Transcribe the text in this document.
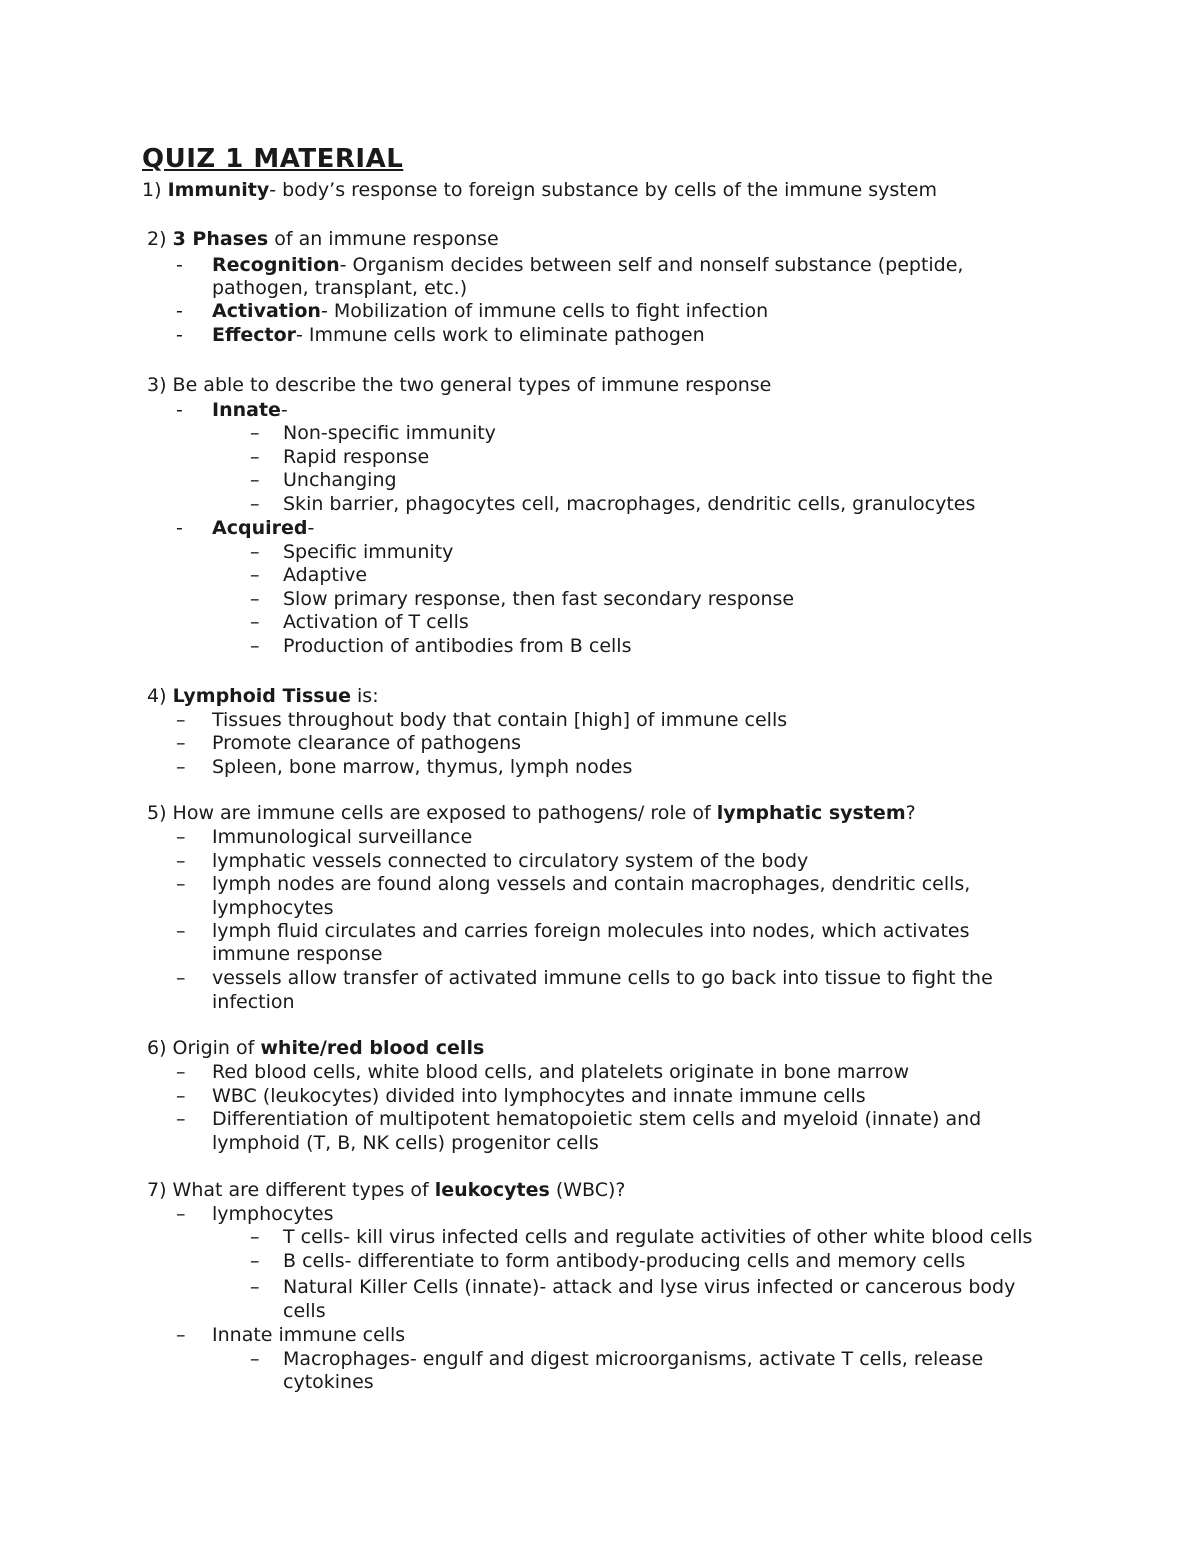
QUIZ 1 MATERIAL
1) Immunity- body’s response to foreign substance by cells of the immune system
2) 3 Phases of an immune response
- Recognition- Organism decides between self and nonself substance (peptide,
pathogen, transplant, etc.)
- Activation- Mobilization of immune cells to fight infection
- Effector- Immune cells work to eliminate pathogen
3) Be able to describe the two general types of immune response
- Innate-
– Non-specific immunity
– Rapid response
– Unchanging
– Skin barrier, phagocytes cell, macrophages, dendritic cells, granulocytes
- Acquired-
– Specific immunity
– Adaptive
– Slow primary response, then fast secondary response
– Activation of T cells
– Production of antibodies from B cells
4) Lymphoid Tissue is:
– Tissues throughout body that contain [high] of immune cells
– Promote clearance of pathogens
– Spleen, bone marrow, thymus, lymph nodes
5) How are immune cells are exposed to pathogens/ role of lymphatic system?
– Immunological surveillance
– lymphatic vessels connected to circulatory system of the body
– lymph nodes are found along vessels and contain macrophages, dendritic cells,
lymphocytes
– lymph fluid circulates and carries foreign molecules into nodes, which activates
immune response
– vessels allow transfer of activated immune cells to go back into tissue to fight the
infection
6) Origin of white/red blood cells
– Red blood cells, white blood cells, and platelets originate in bone marrow
– WBC (leukocytes) divided into lymphocytes and innate immune cells
– Differentiation of multipotent hematopoietic stem cells and myeloid (innate) and
lymphoid (T, B, NK cells) progenitor cells
7) What are different types of leukocytes (WBC)?
– lymphocytes
– T cells- kill virus infected cells and regulate activities of other white blood cells
– B cells- differentiate to form antibody-producing cells and memory cells
– Natural Killer Cells (innate)- attack and lyse virus infected or cancerous body
cells
– Innate immune cells
– Macrophages- engulf and digest microorganisms, activate T cells, release
cytokines
